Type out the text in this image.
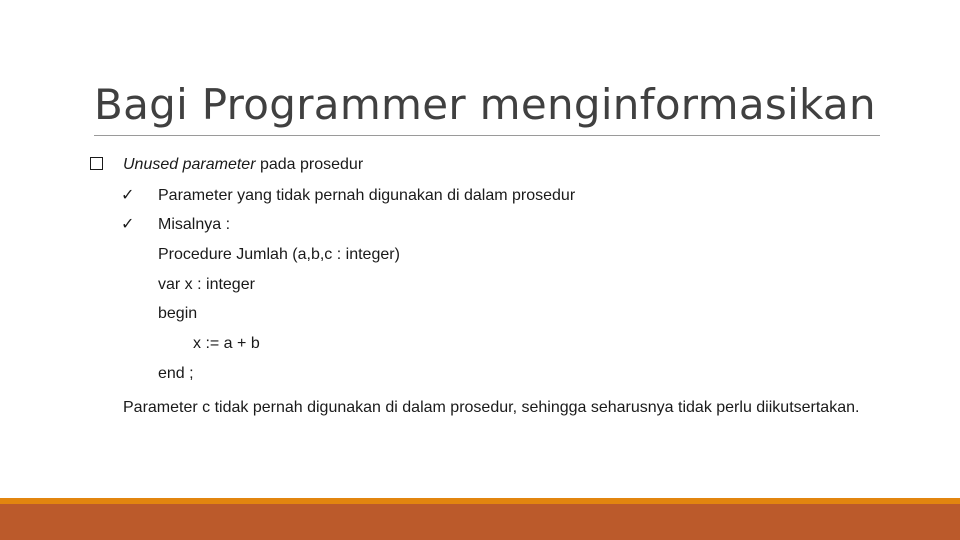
Bagi Programmer menginformasikan
Unused parameter pada prosedur
✓ Parameter yang tidak pernah digunakan di dalam prosedur
✓ Misalnya :
Procedure Jumlah (a,b,c : integer)
var x : integer
begin
x := a + b
end ;
Parameter c tidak pernah digunakan di dalam prosedur, sehingga seharusnya tidak perlu diikutsertakan.
